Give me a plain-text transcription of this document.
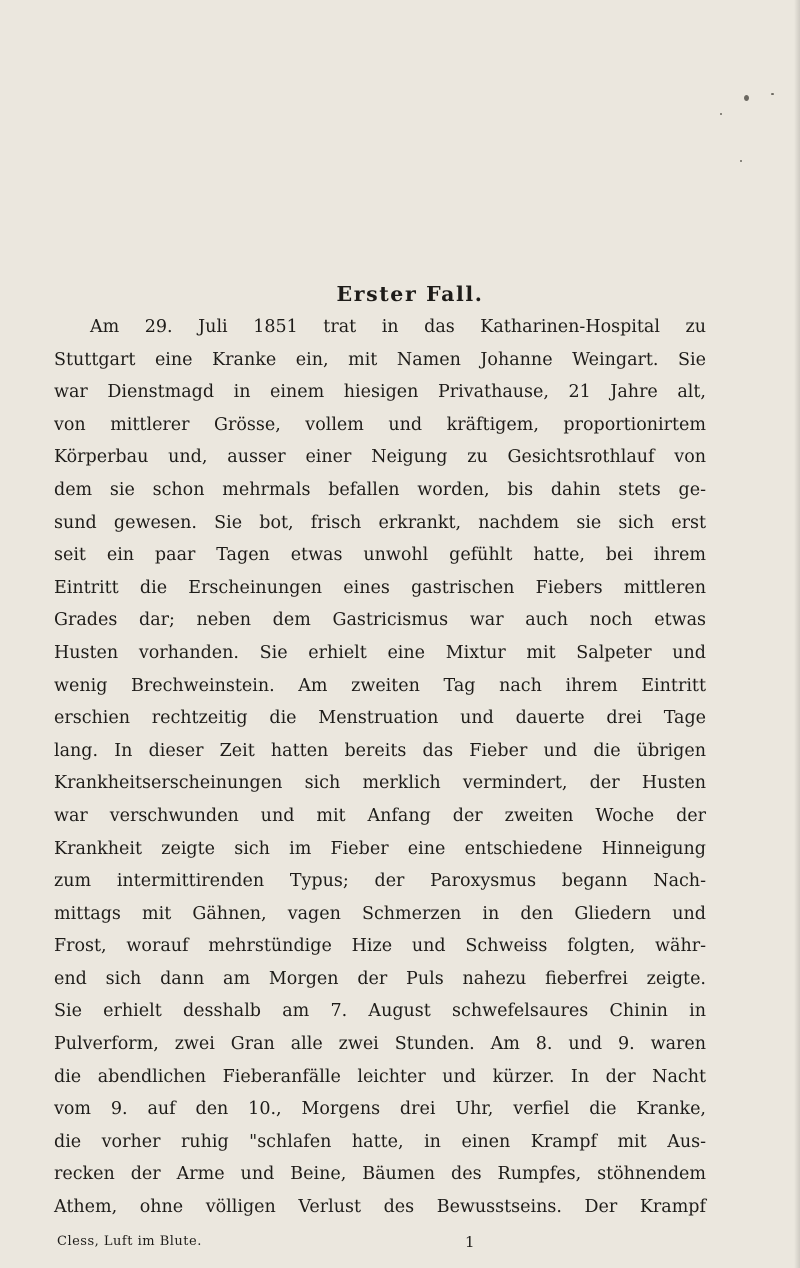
Erster Fall.
Am 29. Juli 1851 trat in das Katharinen-Hospital zu
Stuttgart eine Kranke ein, mit Namen Johanne Weingart. Sie
war Dienstmagd in einem hiesigen Privathause, 21 Jahre alt,
von mittlerer Grösse, vollem und kräftigem, proportionirtem
Körperbau und, ausser einer Neigung zu Gesichtsrothlauf von
dem sie schon mehrmals befallen worden, bis dahin stets ge-
sund gewesen. Sie bot, frisch erkrankt, nachdem sie sich erst
seit ein paar Tagen etwas unwohl gefühlt hatte, bei ihrem
Eintritt die Erscheinungen eines gastrischen Fiebers mittleren
Grades dar; neben dem Gastricismus war auch noch etwas
Husten vorhanden. Sie erhielt eine Mixtur mit Salpeter und
wenig Brechweinstein. Am zweiten Tag nach ihrem Eintritt
erschien rechtzeitig die Menstruation und dauerte drei Tage
lang. In dieser Zeit hatten bereits das Fieber und die übrigen
Krankheitserscheinungen sich merklich vermindert, der Husten
war verschwunden und mit Anfang der zweiten Woche der
Krankheit zeigte sich im Fieber eine entschiedene Hinneigung
zum intermittirenden Typus; der Paroxysmus begann Nach-
mittags mit Gähnen, vagen Schmerzen in den Gliedern und
Frost, worauf mehrstündige Hize und Schweiss folgten, währ-
end sich dann am Morgen der Puls nahezu fieberfrei zeigte.
Sie erhielt desshalb am 7. August schwefelsaures Chinin in
Pulverform, zwei Gran alle zwei Stunden. Am 8. und 9. waren
die abendlichen Fieberanfälle leichter und kürzer. In der Nacht
vom 9. auf den 10., Morgens drei Uhr, verfiel die Kranke,
die vorher ruhig "schlafen hatte, in einen Krampf mit Aus-
recken der Arme und Beine, Bäumen des Rumpfes, stöhnendem
Athem, ohne völligen Verlust des Bewusstseins. Der Krampf
Cless, Luft im Blute.	1
